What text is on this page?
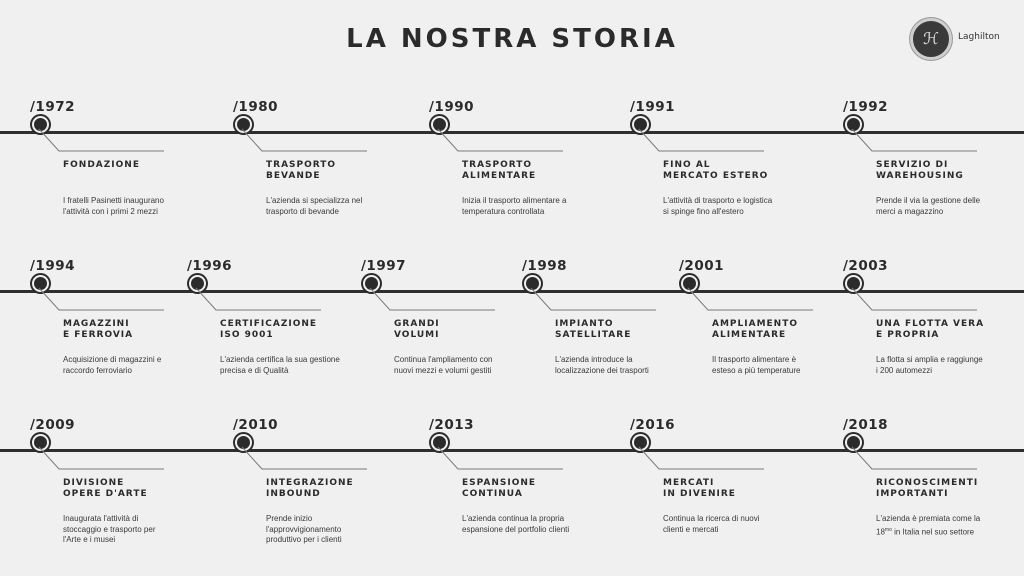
LA NOSTRA STORIA	ℋ Laghilton
/1972
FONDAZIONE
I fratelli Pasinetti inaugurano
l'attività con i primi 2 mezzi
/1980
TRASPORTO
BEVANDE
L'azienda si specializza nel
trasporto di bevande
/1990
TRASPORTO
ALIMENTARE
Inizia il trasporto alimentare a
temperatura controllata
/1991
FINO AL
MERCATO ESTERO
L'attività di trasporto e logistica
si spinge fino all'estero
/1992
SERVIZIO DI
WAREHOUSING
Prende il via la gestione delle
merci a magazzino
/1994
MAGAZZINI
E FERROVIA
Acquisizione di magazzini e
raccordo ferroviario
/1996
CERTIFICAZIONE
ISO 9001
L'azienda certifica la sua gestione
precisa e di Qualità
/1997
GRANDI
VOLUMI
Continua l'ampliamento con
nuovi mezzi e volumi gestiti
/1998
IMPIANTO
SATELLITARE
L'azienda introduce la
localizzazione dei trasporti
/2001
AMPLIAMENTO
ALIMENTARE
Il trasporto alimentare è
esteso a più temperature
/2003
UNA FLOTTA VERA
E PROPRIA
La flotta si amplia e raggiunge
i 200 automezzi
/2009
DIVISIONE
OPERE D'ARTE
Inaugurata l'attività di
stoccaggio e trasporto per
l'Arte e i musei
/2010
INTEGRAZIONE
INBOUND
Prende inizio
l'approvvigionamento
produttivo per i clienti
/2013
ESPANSIONE
CONTINUA
L'azienda continua la propria
espansione del portfolio clienti
/2016
MERCATI
IN DIVENIRE
Continua la ricerca di nuovi
clienti e mercati
/2018
RICONOSCIMENTI
IMPORTANTI
L'azienda è premiata come la
$18^{mo}$ in Italia nel suo settore
